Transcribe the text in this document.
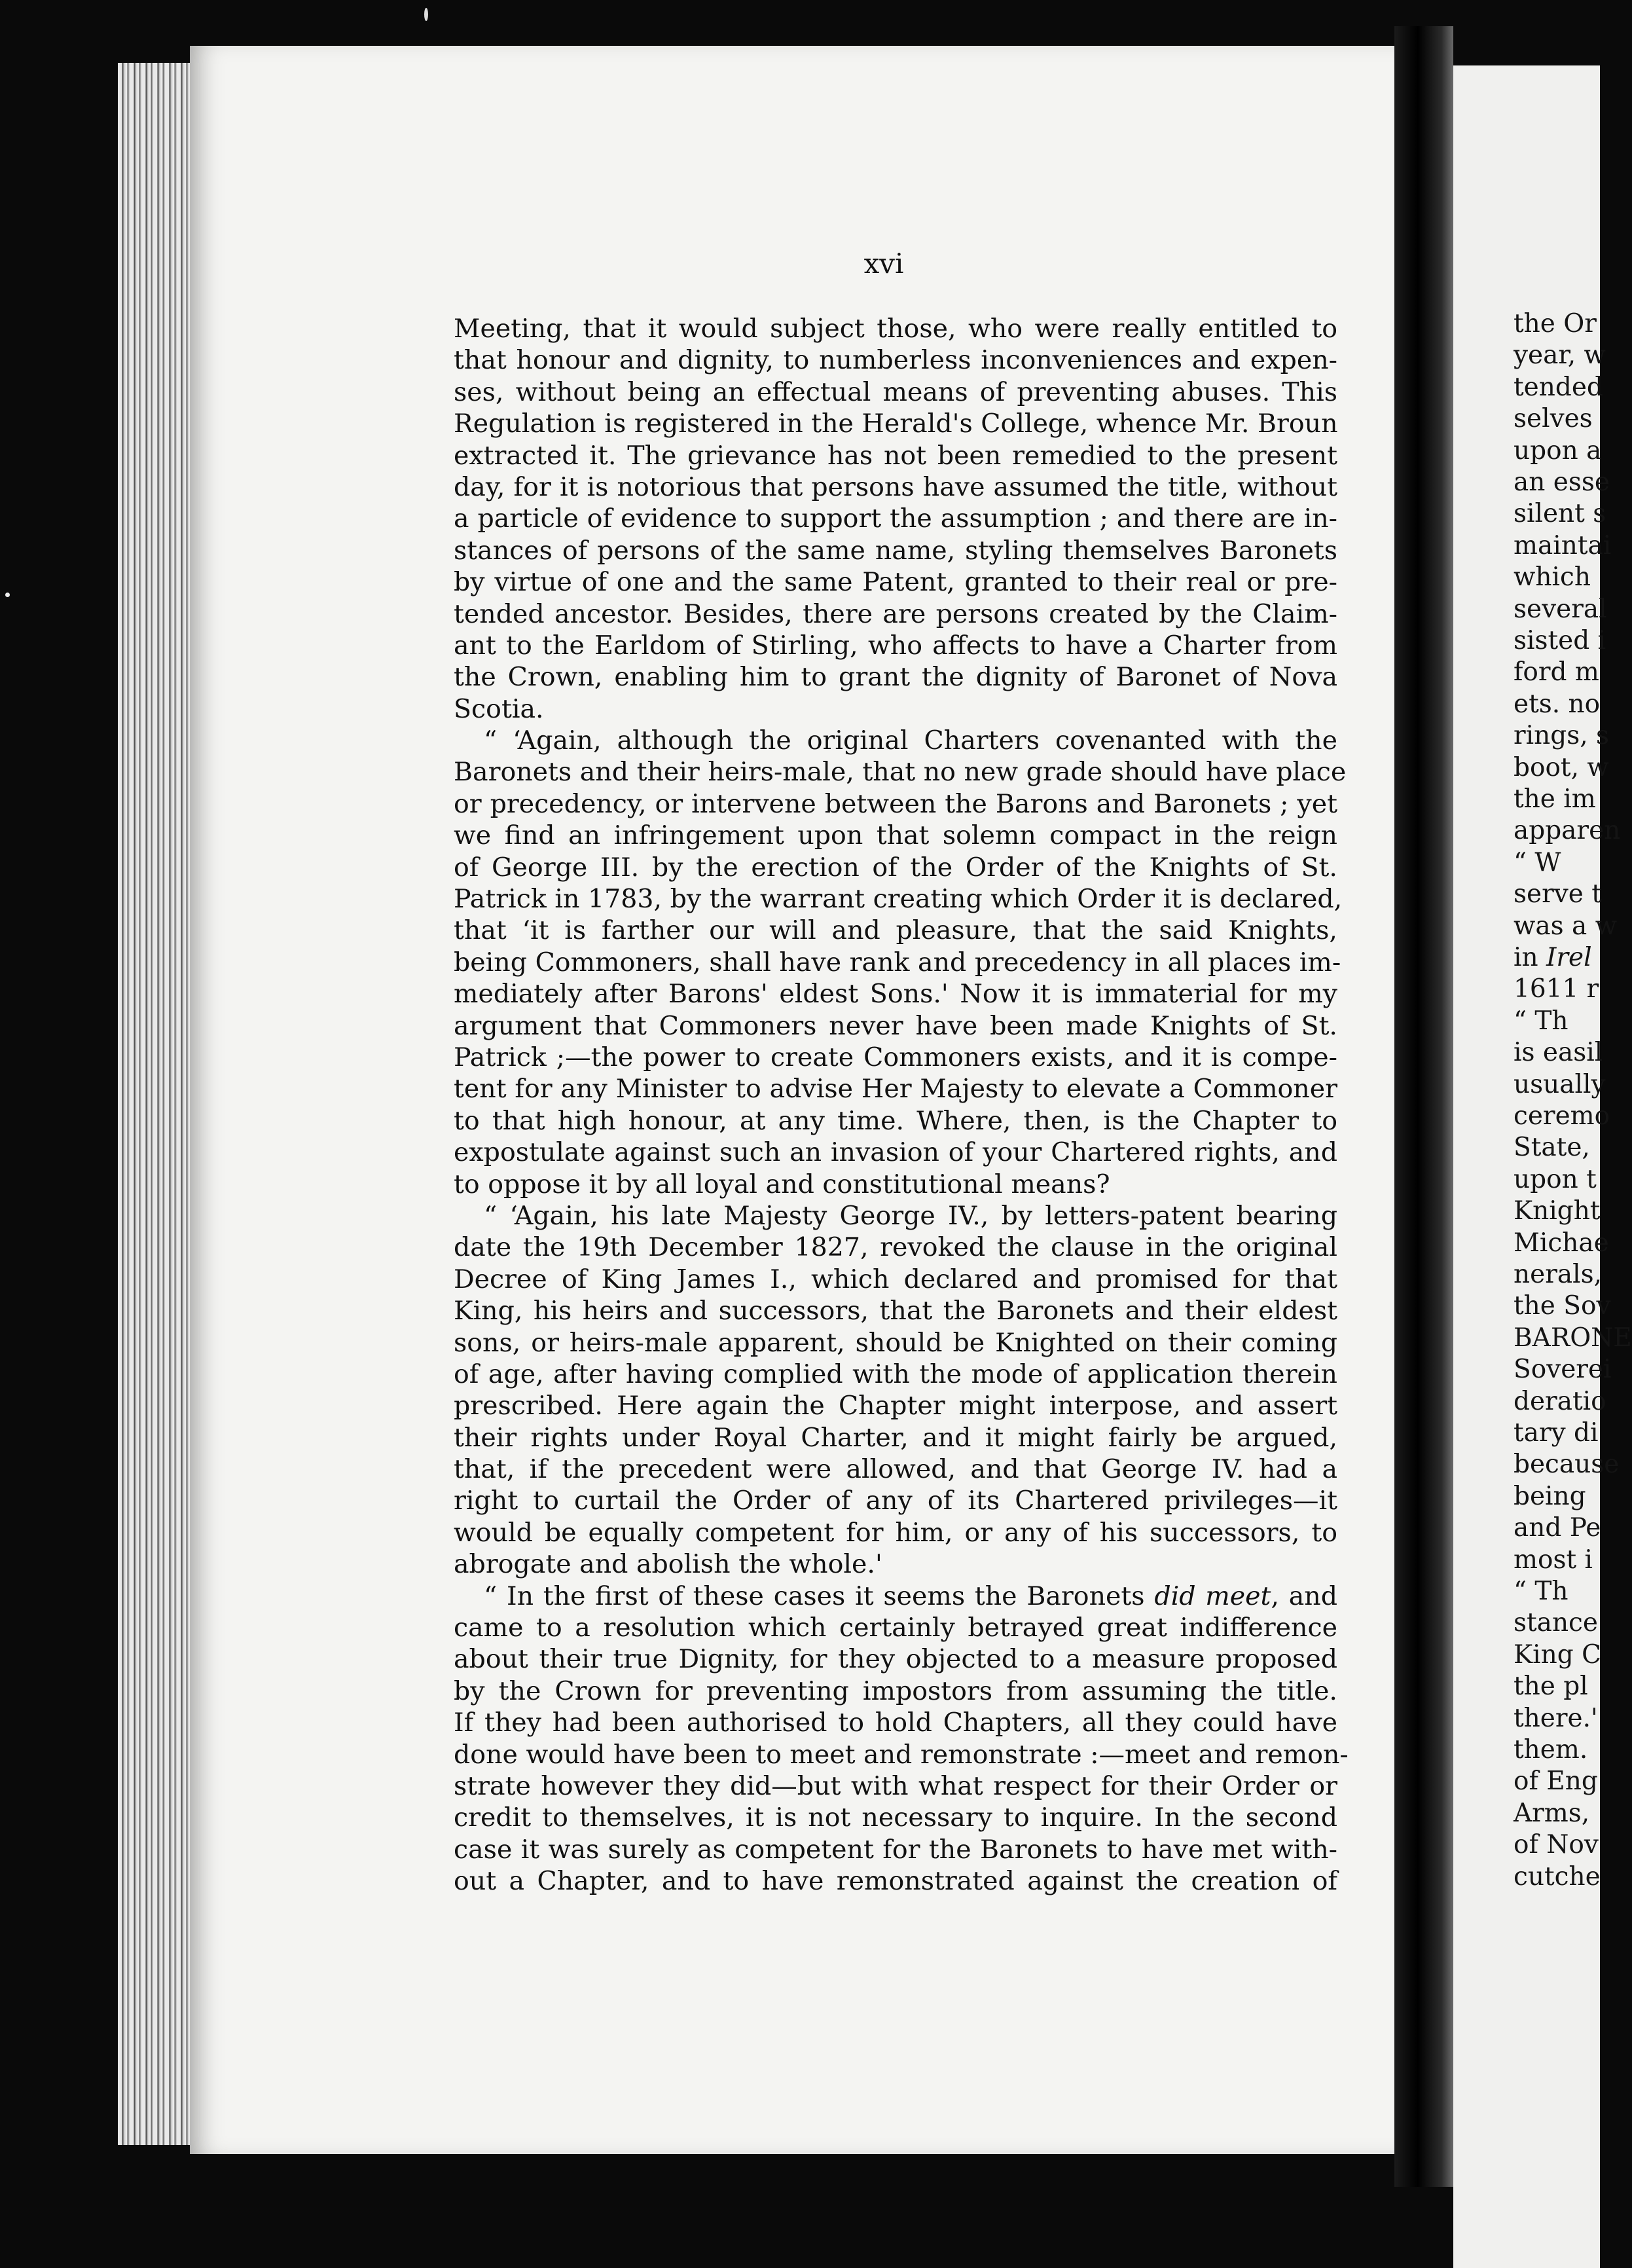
xvi
Meeting, that it would subject those, who were really entitled to
that honour and dignity, to numberless inconveniences and expen-
ses, without being an effectual means of preventing abuses. This
Regulation is registered in the Herald's College, whence Mr. Broun
extracted it. The grievance has not been remedied to the present
day, for it is notorious that persons have assumed the title, without
a particle of evidence to support the assumption ; and there are in-
stances of persons of the same name, styling themselves Baronets
by virtue of one and the same Patent, granted to their real or pre-
tended ancestor. Besides, there are persons created by the Claim-
ant to the Earldom of Stirling, who affects to have a Charter from
the Crown, enabling him to grant the dignity of Baronet of Nova
Scotia.
“ ‘Again, although the original Charters covenanted with the
Baronets and their heirs-male, that no new grade should have place
or precedency, or intervene between the Barons and Baronets ; yet
we find an infringement upon that solemn compact in the reign
of George III. by the erection of the Order of the Knights of St.
Patrick in 1783, by the warrant creating which Order it is declared,
that ‘it is farther our will and pleasure, that the said Knights,
being Commoners, shall have rank and precedency in all places im-
mediately after Barons' eldest Sons.' Now it is immaterial for my
argument that Commoners never have been made Knights of St.
Patrick ;—the power to create Commoners exists, and it is compe-
tent for any Minister to advise Her Majesty to elevate a Commoner
to that high honour, at any time. Where, then, is the Chapter to
expostulate against such an invasion of your Chartered rights, and
to oppose it by all loyal and constitutional means?
“ ‘Again, his late Majesty George IV., by letters-patent bearing
date the 19th December 1827, revoked the clause in the original
Decree of King James I., which declared and promised for that
King, his heirs and successors, that the Baronets and their eldest
sons, or heirs-male apparent, should be Knighted on their coming
of age, after having complied with the mode of application therein
prescribed. Here again the Chapter might interpose, and assert
their rights under Royal Charter, and it might fairly be argued,
that, if the precedent were allowed, and that George IV. had a
right to curtail the Order of any of its Chartered privileges—it
would be equally competent for him, or any of his successors, to
abrogate and abolish the whole.'
“ In the first of these cases it seems the Baronets did meet, and
came to a resolution which certainly betrayed great indifference
about their true Dignity, for they objected to a measure proposed
by the Crown for preventing impostors from assuming the title.
If they had been authorised to hold Chapters, all they could have
done would have been to meet and remonstrate :—meet and remon-
strate however they did—but with what respect for their Order or
credit to themselves, it is not necessary to inquire. In the second
case it was surely as competent for the Baronets to have met with-
out a Chapter, and to have remonstrated against the creation of
the Or
year, w
tended
selves
upon a
an esse
silent s
maintai
which
several
sisted i
ford m
ets. no
rings, s
boot, w
the im
apparen
“ W
serve t
was a w
in Irel
1611 r
“ Th
is easil
usually
ceremo
State,
upon t
Knight
Michae
nerals,
the Sov
BARONE
Soverei
deratio
tary di
because
being
and Pe
most i
“ Th
stance
King C
the pl
there.'
them.
of Eng
Arms,
of Nov
cutche
